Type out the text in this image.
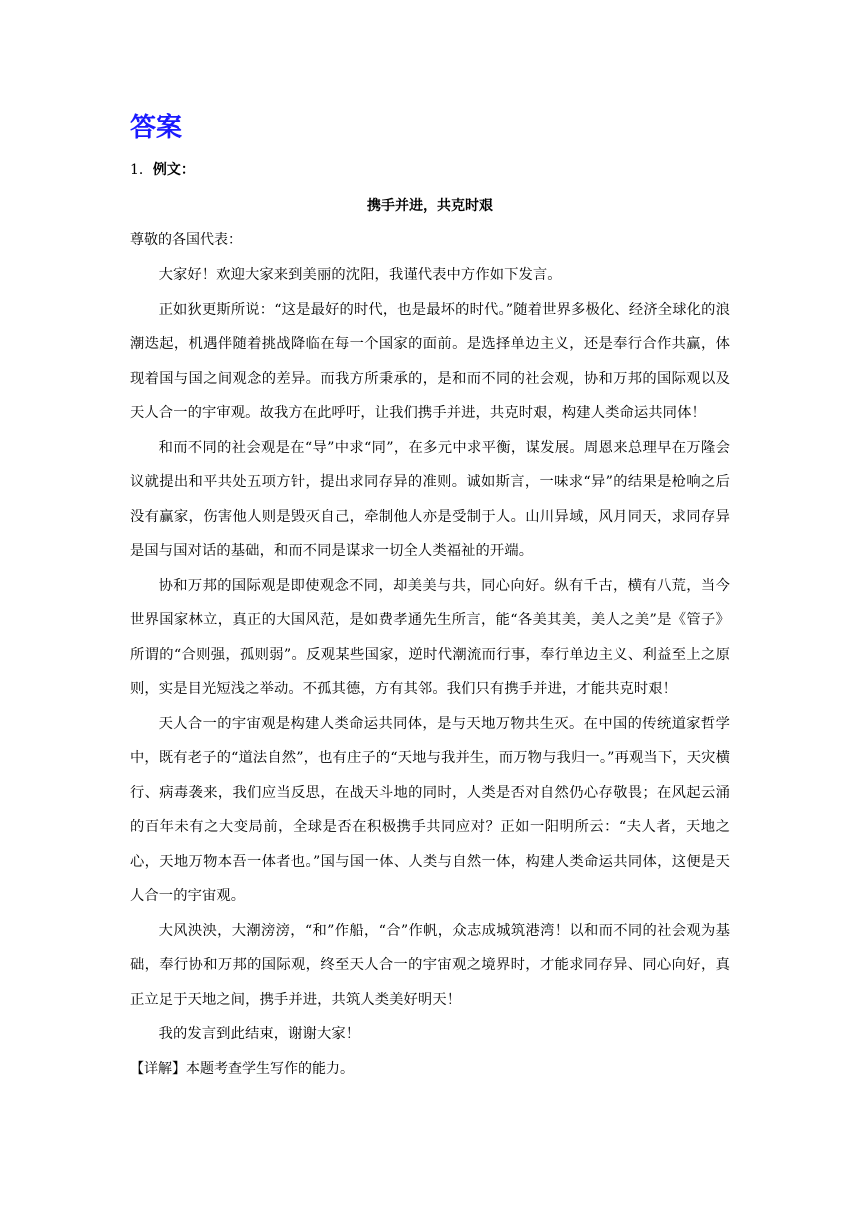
答案
1．例文：
携手并进，共克时艰
尊敬的各国代表：

大家好！欢迎大家来到美丽的沈阳，我谨代表中方作如下发言。

正如狄更斯所说：“这是最好的时代，也是最坏的时代。”随着世界多极化、经济全球化的浪潮迭起，机遇伴随着挑战降临在每一个国家的面前。是选择单边主义，还是奉行合作共赢，体现着国与国之间观念的差异。而我方所秉承的，是和而不同的社会观，协和万邦的国际观以及天人合一的宇审观。故我方在此呼吁，让我们携手并进，共克时艰，构建人类命运共同体！

和而不同的社会观是在“导”中求“同”，在多元中求平衡，谋发展。周恩来总理早在万隆会议就提出和平共处五项方针，提出求同存异的准则。诚如斯言，一味求“异”的结果是枪响之后没有赢家，伤害他人则是毁灭自己，牵制他人亦是受制于人。山川异域，风月同天，求同存异是国与国对话的基础，和而不同是谋求一切全人类福祉的开端。

协和万邦的国际观是即使观念不同，却美美与共，同心向好。纵有千古，横有八荒，当今世界国家林立，真正的大国风范，是如费孝通先生所言，能“各美其美，美人之美”是《管子》所谓的“合则强，孤则弱”。反观某些国家，逆时代潮流而行事，奉行单边主义、利益至上之原则，实是目光短浅之举动。不孤其德，方有其邻。我们只有携手并进，才能共克时艰！

天人合一的宇宙观是构建人类命运共同体，是与天地万物共生灭。在中国的传统道家哲学中，既有老子的“道法自然”，也有庄子的“天地与我并生，而万物与我归一。”再观当下，天灾横行、病毒袭来，我们应当反思，在战天斗地的同时，人类是否对自然仍心存敬畏；在风起云涌的百年未有之大变局前，全球是否在积极携手共同应对？正如一阳明所云：“夫人者，天地之心，天地万物本吾一体者也。”国与国一体、人类与自然一体，构建人类命运共同体，这便是天人合一的宇宙观。

大风泱泱，大潮滂滂，“和”作船，“合”作帆，众志成城筑港湾！以和而不同的社会观为基础，奉行协和万邦的国际观，终至天人合一的宇宙观之境界时，才能求同存异、同心向好，真正立足于天地之间，携手并进，共筑人类美好明天！

我的发言到此结束，谢谢大家！

【详解】本题考查学生写作的能力。
